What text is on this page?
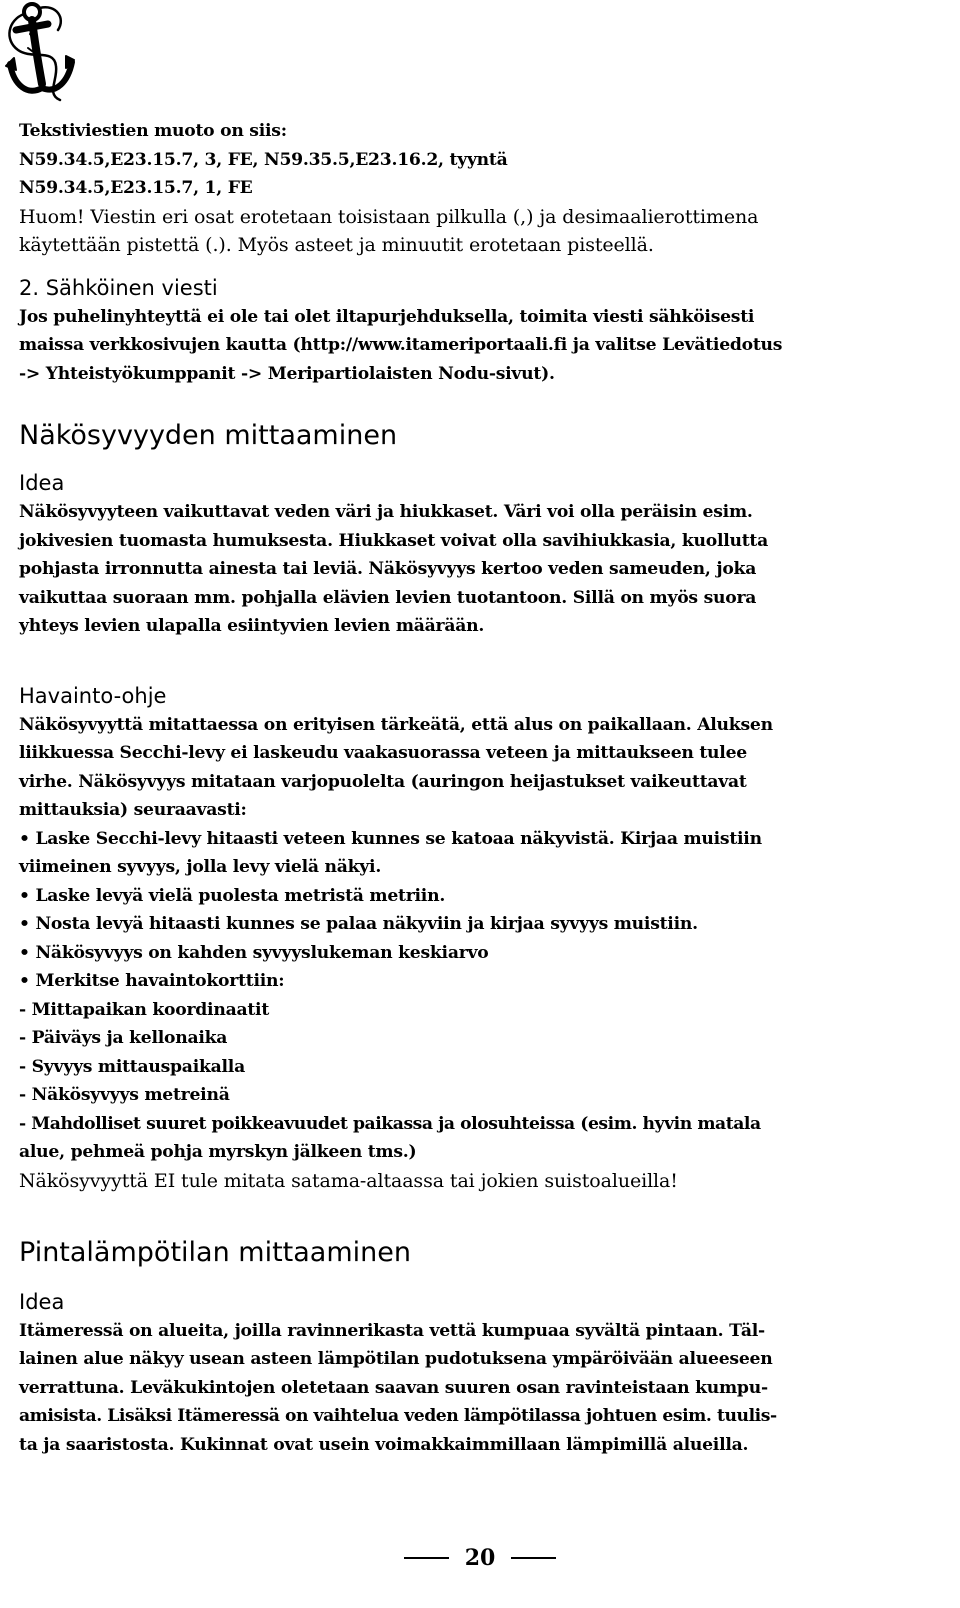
Tekstiviestien muoto on siis:
N59.34.5,E23.15.7, 3, FE, N59.35.5,E23.16.2, tyyntä
N59.34.5,E23.15.7, 1, FE
Huom! Viestin eri osat erotetaan toisistaan pilkulla (,) ja desimaalierottimena
käytettään pistettä (.). Myös asteet ja minuutit erotetaan pisteellä.
2. Sähköinen viesti
Jos puhelinyhteyttä ei ole tai olet iltapurjehduksella, toimita viesti sähköisesti
maissa verkkosivujen kautta (http://www.itameriportaali.fi ja valitse Levätiedotus
-> Yhteistyökumppanit -> Meripartiolaisten Nodu-sivut).
Näkösyvyyden mittaaminen
Idea
Näkösyvyyteen vaikuttavat veden väri ja hiukkaset. Väri voi olla peräisin esim.
jokivesien tuomasta humuksesta. Hiukkaset voivat olla savihiukkasia, kuollutta
pohjasta irronnutta ainesta tai leviä. Näkösyvyys kertoo veden sameuden, joka
vaikuttaa suoraan mm. pohjalla elävien levien tuotantoon. Sillä on myös suora
yhteys levien ulapalla esiintyvien levien määrään.
Havainto-ohje
Näkösyvyyttä mitattaessa on erityisen tärkeätä, että alus on paikallaan. Aluksen
liikkuessa Secchi-levy ei laskeudu vaakasuorassa veteen ja mittaukseen tulee
virhe. Näkösyvyys mitataan varjopuolelta (auringon heijastukset vaikeuttavat
mittauksia) seuraavasti:
• Laske Secchi-levy hitaasti veteen kunnes se katoaa näkyvistä. Kirjaa muistiin
viimeinen syvyys, jolla levy vielä näkyi.
• Laske levyä vielä puolesta metristä metriin.
• Nosta levyä hitaasti kunnes se palaa näkyviin ja kirjaa syvyys muistiin.
• Näkösyvyys on kahden syvyyslukeman keskiarvo
• Merkitse havaintokorttiin:
- Mittapaikan koordinaatit
- Päiväys ja kellonaika
- Syvyys mittauspaikalla
- Näkösyvyys metreinä
- Mahdolliset suuret poikkeavuudet paikassa ja olosuhteissa (esim. hyvin matala
alue, pehmeä pohja myrskyn jälkeen tms.)
Näkösyvyyttä EI tule mitata satama-altaassa tai jokien suistoalueilla!
Pintalämpötilan mittaaminen
Idea
Itämeressä on alueita, joilla ravinnerikasta vettä kumpuaa syvältä pintaan. Täl-
lainen alue näkyy usean asteen lämpötilan pudotuksena ympäröivään alueeseen
verrattuna. Leväkukintojen oletetaan saavan suuren osan ravinteistaan kumpu-
amisista. Lisäksi Itämeressä on vaihtelua veden lämpötilassa johtuen esim. tuulis-
ta ja saaristosta. Kukinnat ovat usein voimakkaimmillaan lämpimillä alueilla.
20
